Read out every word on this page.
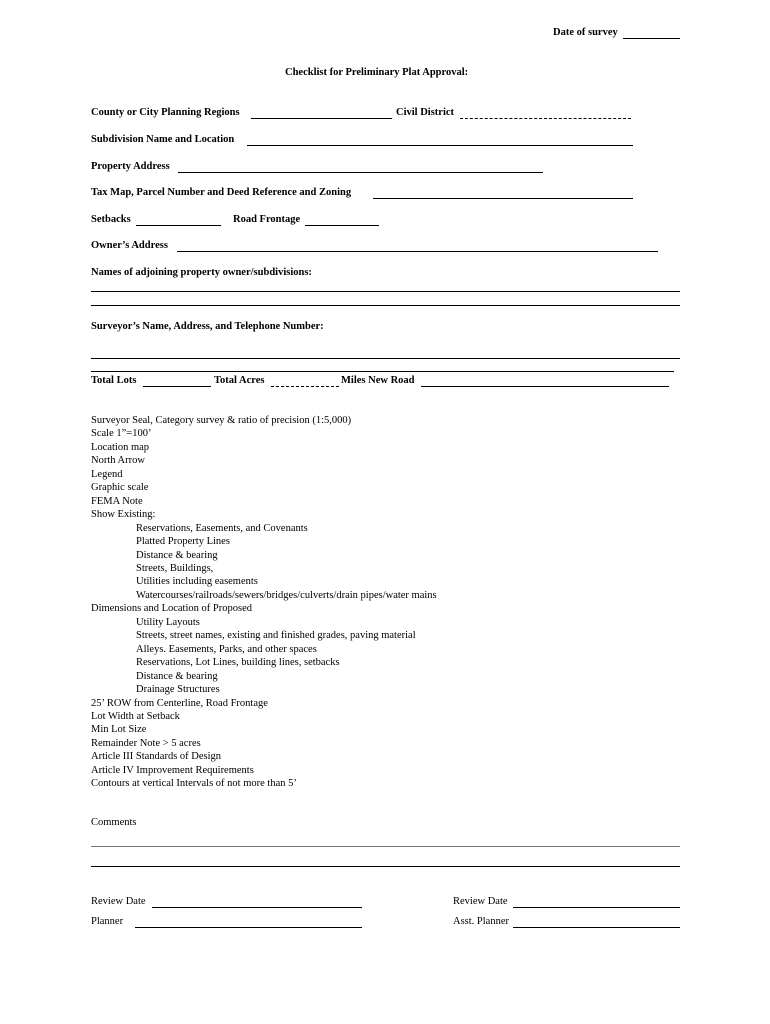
Date of survey
Checklist for Preliminary Plat Approval:
County or City Planning Regions	Civil District
Subdivision Name and Location
Property Address
Tax Map, Parcel Number and Deed Reference and Zoning
Setbacks	Road Frontage
Owner’s Address
Names of adjoining property owner/subdivisions:
Surveyor’s Name, Address, and Telephone Number:
Total Lots	Total Acres	Miles New Road
Surveyor Seal, Category survey & ratio of precision (1:5,000)
Scale 1”=100’
Location map
North Arrow
Legend
Graphic scale
FEMA Note
Show Existing:
Reservations, Easements, and Covenants
Platted Property Lines
Distance & bearing
Streets, Buildings,
Utilities including easements
Watercourses/railroads/sewers/bridges/culverts/drain pipes/water mains
Dimensions and Location of Proposed
Utility Layouts
Streets, street names, existing and finished grades, paving material
Alleys. Easements, Parks, and other spaces
Reservations, Lot Lines, building lines, setbacks
Distance & bearing
Drainage Structures
25’ ROW from Centerline, Road Frontage
Lot Width at Setback
Min Lot Size
Remainder Note > 5 acres
Article III Standards of Design
Article IV Improvement Requirements
Contours at vertical Intervals of not more than 5’
Comments
Review Date	Review Date
Planner	Asst. Planner
